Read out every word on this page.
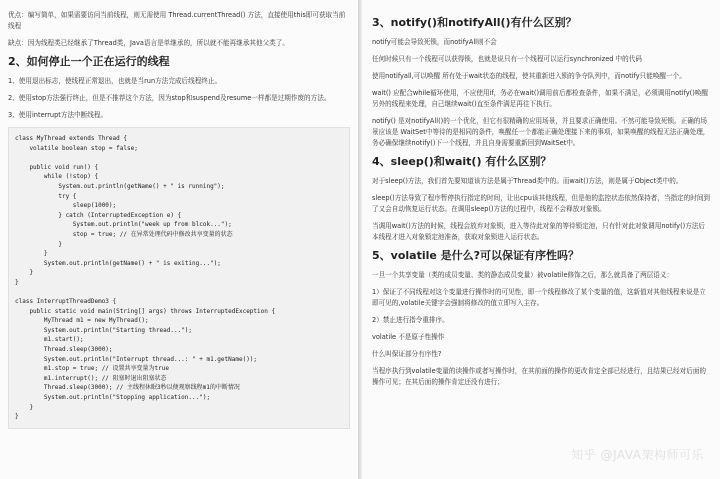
优点：编写简单，如果需要访问当前线程，则无需使用 Thread.currentThread() 方法，直接使用this即可获取当前线程

缺点：因为线程类已经继承了Thread类，Java语言是单继承的，所以就不能再继承其他父类了。

2、如何停止一个正在运行的线程

1、使用退出标志，使线程正常退出，也就是当run方法完成后线程终止。

2、使用stop方法强行终止，但是不推荐这个方法，因为stop和suspend及resume一样都是过期作废的方法。

3、使用interrupt方法中断线程。

class MyThread extends Thread {
volatile boolean stop = false;

public void run() {
while (!stop) {
System.out.println(getName() + " is running");
try {
sleep(1000);
} catch (InterruptedException e) {
System.out.println("week up from blcok...");
stop = true; // 在异常处理代码中修改共享变量的状态
}
}
System.out.println(getName() + " is exiting...");
}
}

class InterruptThreadDemo3 {
public static void main(String[] args) throws InterruptedException {
MyThread m1 = new MyThread();
System.out.println("Starting thread...");
m1.start();
Thread.sleep(3000);
System.out.println("Interrupt thread...: " + m1.getName());
m1.stop = true; // 设置共享变量为true
m1.interrupt(); // 阻塞时退出阻塞状态
Thread.sleep(3000); // 主线程休眠3秒以便观察线程m1的中断情况
System.out.println("Stopping application...");
}
}
3、notify()和notifyAll()有什么区别？

notify可能会导致死锁，而notifyAll则不会

任何时候只有一个线程可以获得锁，也就是说只有一个线程可以运行synchronized 中的代码

使用notifyall,可以唤醒 所有处于wait状态的线程，使其重新进入锁的争夺队列中，而notify只能唤醒一个。

wait() 应配合while循环使用，不应使用if，务必在wait()调用前后都检查条件，如果不满足，必须调用notify()唤醒另外的线程来处理，自己继续wait()直至条件满足再往下执行。

notify() 是对notifyAll()的一个优化，但它有很精确的应用场景，并且要求正确使用。不然可能导致死锁。正确的场景应该是 WaitSet中等待的是相同的条件，唤醒任一个都能正确处理接下来的事项，如果唤醒的线程无法正确处理，务必确保继续notify()下一个线程，并且自身需要重新回到WaitSet中。

4、sleep()和wait() 有什么区别？

对于sleep()方法，我们首先要知道该方法是属于Thread类中的。而wait()方法，则是属于Object类中的。

sleep()方法导致了程序暂停执行指定的时间，让出cpu该其他线程，但是他的监控状态依然保持者，当指定的时间到了又会自动恢复运行状态。在调用sleep()方法的过程中，线程不会释放对象锁。

当调用wait()方法的时候，线程会放弃对象锁，进入等待此对象的等待锁定池，只有针对此对象调用notify()方法后本线程才进入对象锁定池准备，获取对象锁进入运行状态。

5、volatile 是什么?可以保证有序性吗？

一旦一个共享变量（类的成员变量、类的静态成员变量）被volatile修饰之后，那么就具备了两层语义：

1）保证了不同线程对这个变量进行操作时的可见性，即一个线程修改了某个变量的值，这新值对其他线程来说是立即可见的,volatile关键字会强制将修改的值立即写入主存。

2）禁止进行指令重排序。

volatile 不是原子性操作

什么叫保证部分有序性?

当程序执行到volatile变量的读操作或者写操作时，在其前面的操作的更改肯定全部已经进行，且结果已经对后面的操作可见；在其后面的操作肯定还没有进行；

知乎 @JAVA架构师可乐
